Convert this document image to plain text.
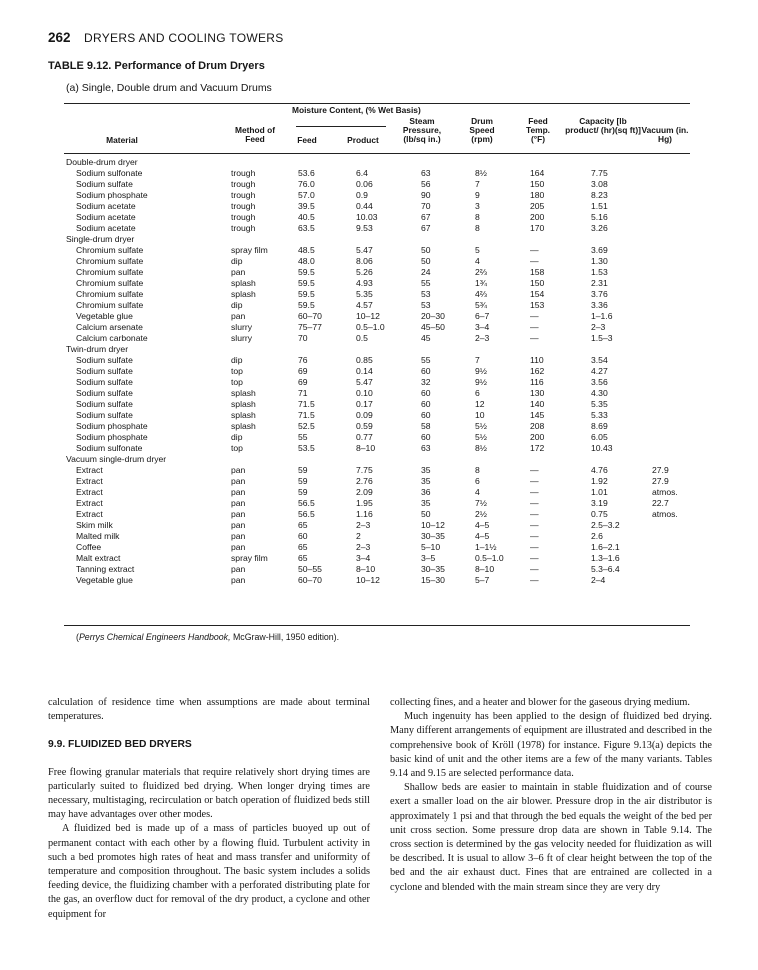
262 DRYERS AND COOLING TOWERS
TABLE 9.12. Performance of Drum Dryers
(a) Single, Double drum and Vacuum Drums
Moisture Content, (% Wet Basis)
Material
Method of Feed	Feed	Product
Steam Pressure, (lb/sq in.)
Drum Speed (rpm)
Feed Temp. (°F)
Capacity [lb product/ (hr)(sq ft)] Vacuum (in. Hg)
Double-drum dryer
Sodium sulfonate	trough	53.6	6.4	63	8½	164	7.75
Sodium sulfate	trough	76.0	0.06	56	7	150	3.08
Sodium phosphate	trough	57.0	0.9	90	9	180	8.23
Sodium acetate	trough	39.5	0.44	70	3	205	1.51
Sodium acetate	trough	40.5	10.03	67	8	200	5.16
Sodium acetate	trough	63.5	9.53	67	8	170	3.26
Single-drum dryer
Chromium sulfate	spray film	48.5	5.47	50	5	—	3.69
Chromium sulfate	dip	48.0	8.06	50	4	—	1.30
Chromium sulfate	pan	59.5	5.26	24	2⅔	158	1.53
Chromium sulfate	splash	59.5	4.93	55	1¾	150	2.31
Chromium sulfate	splash	59.5	5.35	53	4⅔	154	3.76
Chromium sulfate	dip	59.5	4.57	53	5¾	153	3.36
Vegetable glue	pan	60–70	10–12	20–30	6–7	—	1–1.6
Calcium arsenate	slurry	75–77	0.5–1.0	45–50	3–4	—	2–3
Calcium carbonate	slurry	70	0.5	45	2–3	—	1.5–3
Twin-drum dryer
Sodium sulfate	dip	76	0.85	55	7	110	3.54
Sodium sulfate	top	69	0.14	60	9½	162	4.27
Sodium sulfate	top	69	5.47	32	9½	116	3.56
Sodium sulfate	splash	71	0.10	60	6	130	4.30
Sodium sulfate	splash	71.5	0.17	60	12	140	5.35
Sodium sulfate	splash	71.5	0.09	60	10	145	5.33
Sodium phosphate	splash	52.5	0.59	58	5½	208	8.69
Sodium phosphate	dip	55	0.77	60	5½	200	6.05
Sodium sulfonate	top	53.5	8–10	63	8½	172	10.43
Vacuum single-drum dryer
Extract	pan	59	7.75	35	8	—	4.76	27.9
Extract	pan	59	2.76	35	6	—	1.92	27.9
Extract	pan	59	2.09	36	4	—	1.01	atmos.
Extract	pan	56.5	1.95	35	7½	—	3.19	22.7
Extract	pan	56.5	1.16	50	2½	—	0.75	atmos.
Skim milk	pan	65	2–3	10–12	4–5	—	2.5–3.2
Malted milk	pan	60	2	30–35	4–5	—	2.6
Coffee	pan	65	2–3	5–10	1–1½	—	1.6–2.1
Malt extract	spray film	65	3–4	3–5	0.5–1.0	—	1.3–1.6
Tanning extract	pan	50–55	8–10	30–35	8–10	—	5.3–6.4
Vegetable glue	pan	60–70	10–12	15–30	5–7	—	2–4
(Perrys Chemical Engineers Handbook, McGraw-Hill, 1950 edition).

calculation of residence time when assumptions are made about terminal temperatures.

9.9. FLUIDIZED BED DRYERS

Free flowing granular materials that require relatively short drying times are particularly suited to fluidized bed drying. When longer drying times are necessary, multistaging, recirculation or batch operation of fluidized beds still may have advantages over other modes.

A fluidized bed is made up of a mass of particles buoyed up out of permanent contact with each other by a flowing fluid. Turbulent activity in such a bed promotes high rates of heat and mass transfer and uniformity of temperature and composition throughout. The basic system includes a solids feeding device, the fluidizing chamber with a perforated distributing plate for the gas, an overflow duct for removal of the dry product, a cyclone and other equipment for

collecting fines, and a heater and blower for the gaseous drying medium.

Much ingenuity has been applied to the design of fluidized bed drying. Many different arrangements of equipment are illustrated and described in the comprehensive book of Kröll (1978) for instance. Figure 9.13(a) depicts the basic kind of unit and the other items are a few of the many variants. Tables 9.14 and 9.15 are selected performance data.

Shallow beds are easier to maintain in stable fluidization and of course exert a smaller load on the air blower. Pressure drop in the air distributor is approximately 1 psi and that through the bed equals the weight of the bed per unit cross section. Some pressure drop data are shown in Table 9.14. The cross section is determined by the gas velocity needed for fluidization as will be described. It is usual to allow 3–6 ft of clear height between the top of the bed and the air exhaust duct. Fines that are entrained are collected in a cyclone and blended with the main stream since they are very dry
